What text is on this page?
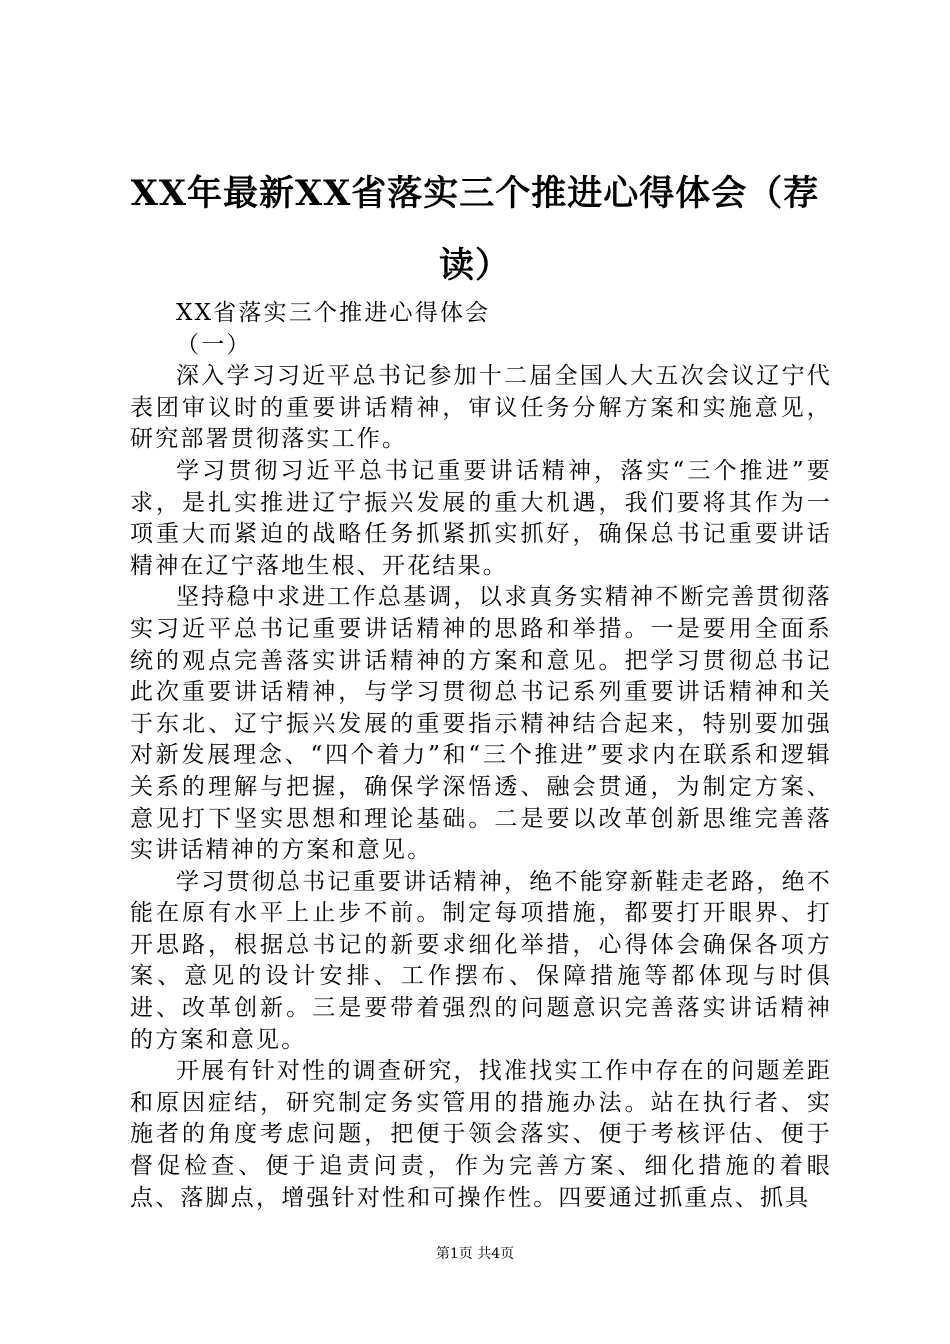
XX年最新XX省落实三个推进心得体会（荐读）

XX省落实三个推进心得体会

（一）

深入学习习近平总书记参加十二届全国人大五次会议辽宁代表团审议时的重要讲话精神，审议任务分解方案和实施意见，研究部署贯彻落实工作。

学习贯彻习近平总书记重要讲话精神，落实“三个推进”要求，是扎实推进辽宁振兴发展的重大机遇，我们要将其作为一项重大而紧迫的战略任务抓紧抓实抓好，确保总书记重要讲话精神在辽宁落地生根、开花结果。

坚持稳中求进工作总基调，以求真务实精神不断完善贯彻落实习近平总书记重要讲话精神的思路和举措。一是要用全面系统的观点完善落实讲话精神的方案和意见。把学习贯彻总书记此次重要讲话精神，与学习贯彻总书记系列重要讲话精神和关于东北、辽宁振兴发展的重要指示精神结合起来，特别要加强对新发展理念、“四个着力”和“三个推进”要求内在联系和逻辑关系的理解与把握，确保学深悟透、融会贯通，为制定方案、意见打下坚实思想和理论基础。二是要以改革创新思维完善落实讲话精神的方案和意见。

学习贯彻总书记重要讲话精神，绝不能穿新鞋走老路，绝不能在原有水平上止步不前。制定每项措施，都要打开眼界、打开思路，根据总书记的新要求细化举措，心得体会确保各项方案、意见的设计安排、工作摆布、保障措施等都体现与时俱进、改革创新。三是要带着强烈的问题意识完善落实讲话精神的方案和意见。

开展有针对性的调查研究，找准找实工作中存在的问题差距和原因症结，研究制定务实管用的措施办法。站在执行者、实施者的角度考虑问题，把便于领会落实、便于考核评估、便于督促检查、便于追责问责，作为完善方案、细化措施的着眼点、落脚点，增强针对性和可操作性。四要通过抓重点、抓具

第1页 共4页
